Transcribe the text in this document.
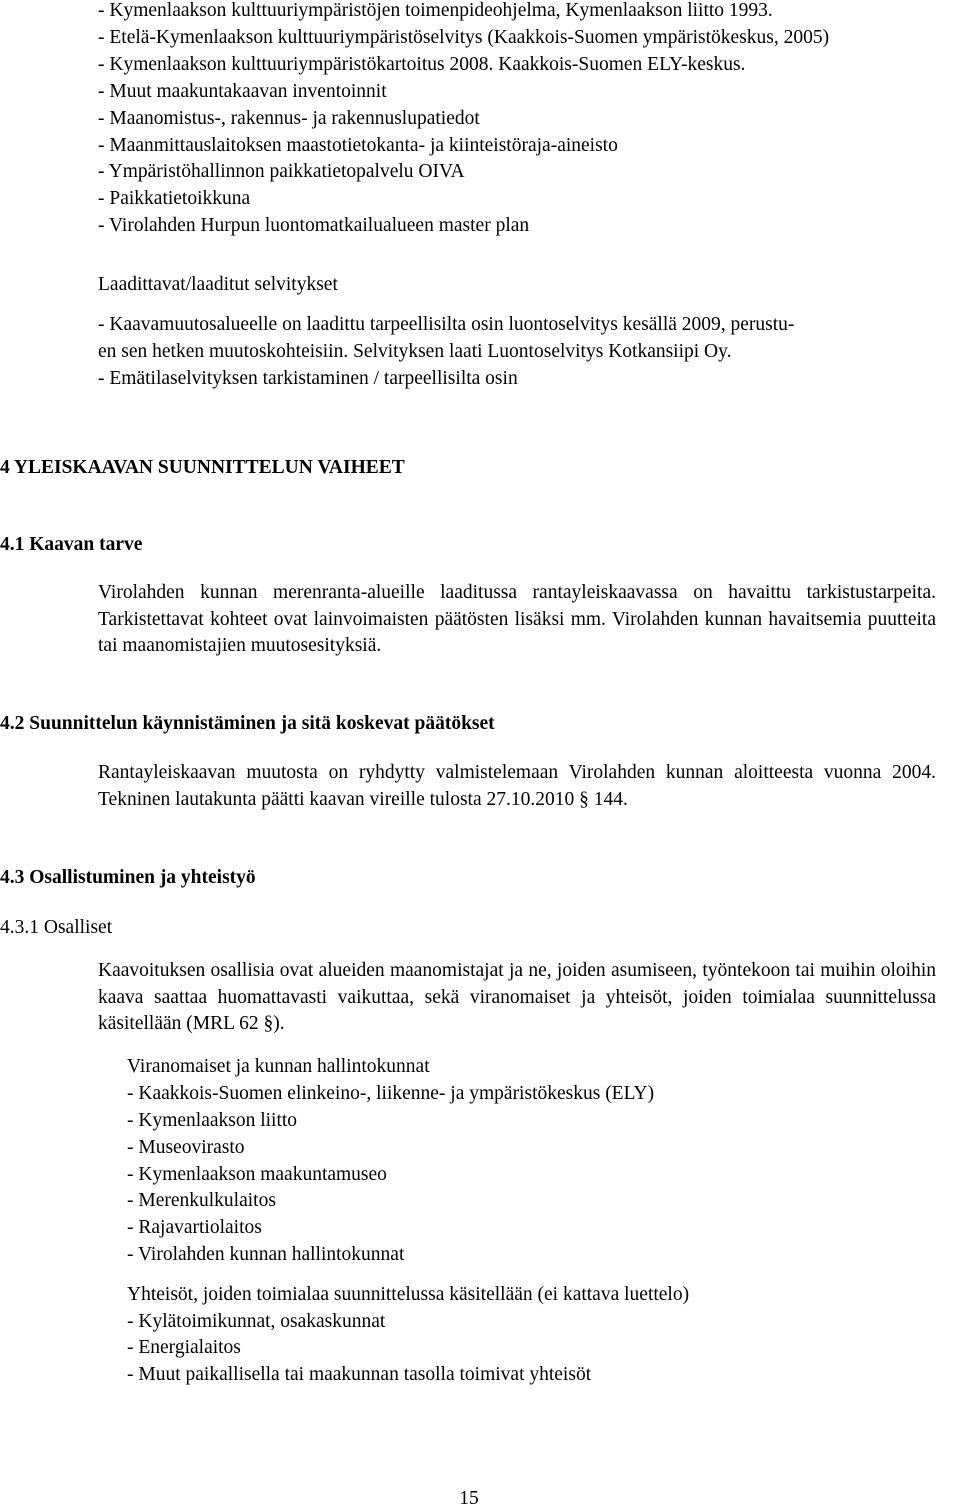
- Kymenlaakson kulttuuriympäristöjen toimenpideohjelma, Kymenlaakson liitto 1993.
- Etelä-Kymenlaakson kulttuuriympäristöselvitys (Kaakkois-Suomen ympäristökeskus, 2005)
- Kymenlaakson kulttuuriympäristökartoitus 2008. Kaakkois-Suomen ELY-keskus.
- Muut maakuntakaavan inventoinnit
- Maanomistus-, rakennus- ja rakennuslupatiedot
- Maanmittauslaitoksen maastotietokanta- ja kiinteistöraja-aineisto
- Ympäristöhallinnon paikkatietopalvelu OIVA
- Paikkatietoikkuna
- Virolahden Hurpun luontomatkailualueen master plan
Laadittavat/laaditut selvitykset
- Kaavamuutosalueelle on laadittu tarpeellisilta osin luontoselvitys kesällä 2009, perustu-
en sen hetken muutoskohteisiin. Selvityksen laati Luontoselvitys Kotkansiipi Oy.
- Emätilaselvityksen tarkistaminen / tarpeellisilta osin
4 YLEISKAAVAN SUUNNITTELUN VAIHEET
4.1 Kaavan tarve
Virolahden kunnan merenranta-alueille laaditussa rantayleiskaavassa on havaittu tarkistustarpeita. Tarkistettavat kohteet ovat lainvoimaisten päätösten lisäksi mm. Virolahden kunnan havaitsemia puutteita tai maanomistajien muutosesityksiä.
4.2 Suunnittelun käynnistäminen ja sitä koskevat päätökset
Rantayleiskaavan muutosta on ryhdytty valmistelemaan Virolahden kunnan aloitteesta vuonna 2004. Tekninen lautakunta päätti kaavan vireille tulosta 27.10.2010 § 144.
4.3 Osallistuminen ja yhteistyö
4.3.1 Osalliset
Kaavoituksen osallisia ovat alueiden maanomistajat ja ne, joiden asumiseen, työntekoon tai muihin oloihin kaava saattaa huomattavasti vaikuttaa, sekä viranomaiset ja yhteisöt, joiden toimialaa suunnittelussa käsitellään (MRL 62 §).
Viranomaiset ja kunnan hallintokunnat
- Kaakkois-Suomen elinkeino-, liikenne- ja ympäristökeskus (ELY)
- Kymenlaakson liitto
- Museovirasto
- Kymenlaakson maakuntamuseo
- Merenkulkulaitos
- Rajavartiolaitos
- Virolahden kunnan hallintokunnat
Yhteisöt, joiden toimialaa suunnittelussa käsitellään (ei kattava luettelo)
- Kylätoimikunnat, osakaskunnat
- Energialaitos
- Muut paikallisella tai maakunnan tasolla toimivat yhteisöt
15
